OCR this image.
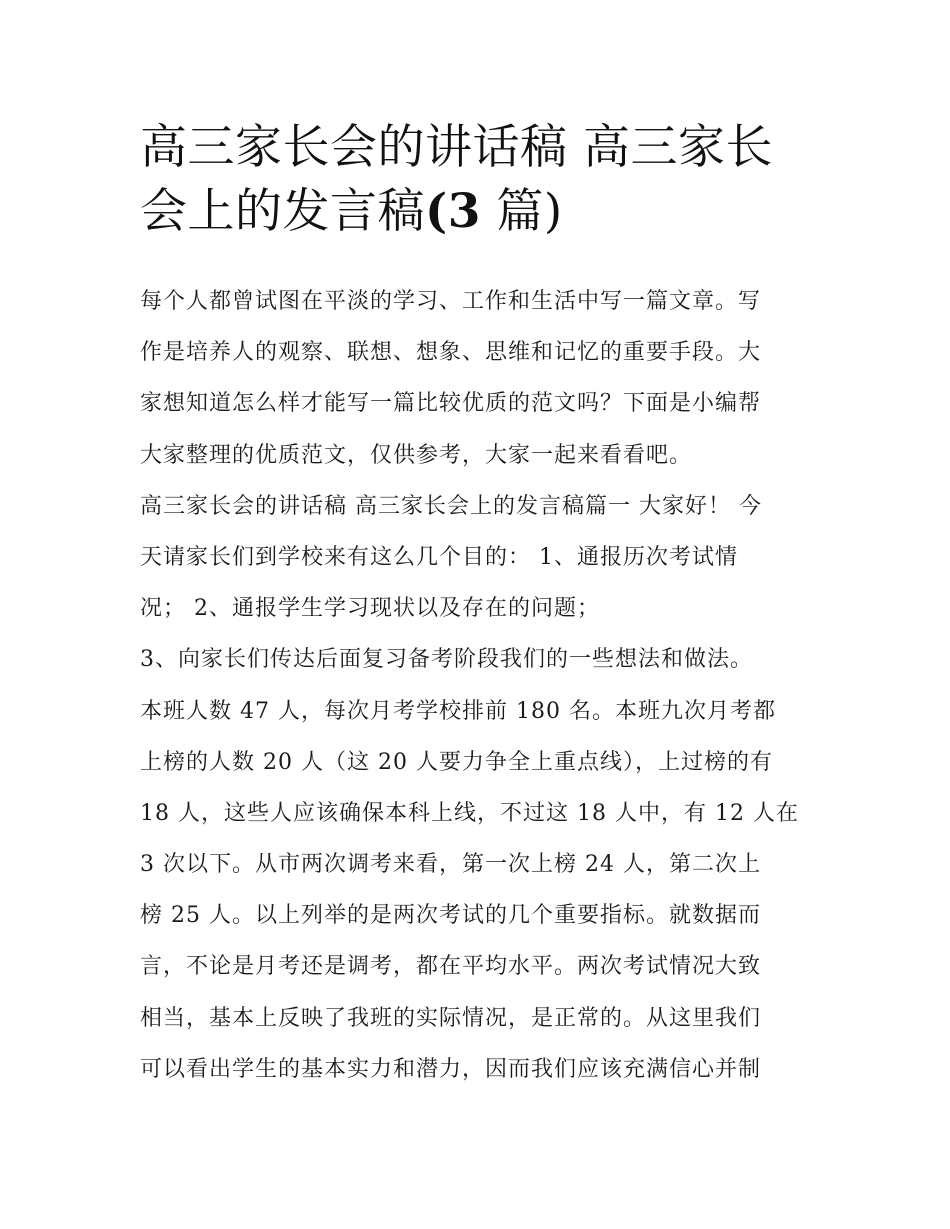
高三家长会的讲话稿 高三家长会上的发言稿(3 篇)
每个人都曾试图在平淡的学习、工作和生活中写一篇文章。写
作是培养人的观察、联想、想象、思维和记忆的重要手段。大
家想知道怎么样才能写一篇比较优质的范文吗？下面是小编帮
大家整理的优质范文，仅供参考，大家一起来看看吧。
高三家长会的讲话稿 高三家长会上的发言稿篇一 大家好！ 今
天请家长们到学校来有这么几个目的： 1、通报历次考试情
况； 2、通报学生学习现状以及存在的问题；
3、向家长们传达后面复习备考阶段我们的一些想法和做法。
本班人数 47 人，每次月考学校排前 180 名。本班九次月考都
上榜的人数 20 人（这 20 人要力争全上重点线），上过榜的有
18 人，这些人应该确保本科上线，不过这 18 人中，有 12 人在
3 次以下。从市两次调考来看，第一次上榜 24 人，第二次上
榜 25 人。以上列举的是两次考试的几个重要指标。就数据而
言，不论是月考还是调考，都在平均水平。两次考试情况大致
相当，基本上反映了我班的实际情况，是正常的。从这里我们
可以看出学生的基本实力和潜力，因而我们应该充满信心并制
